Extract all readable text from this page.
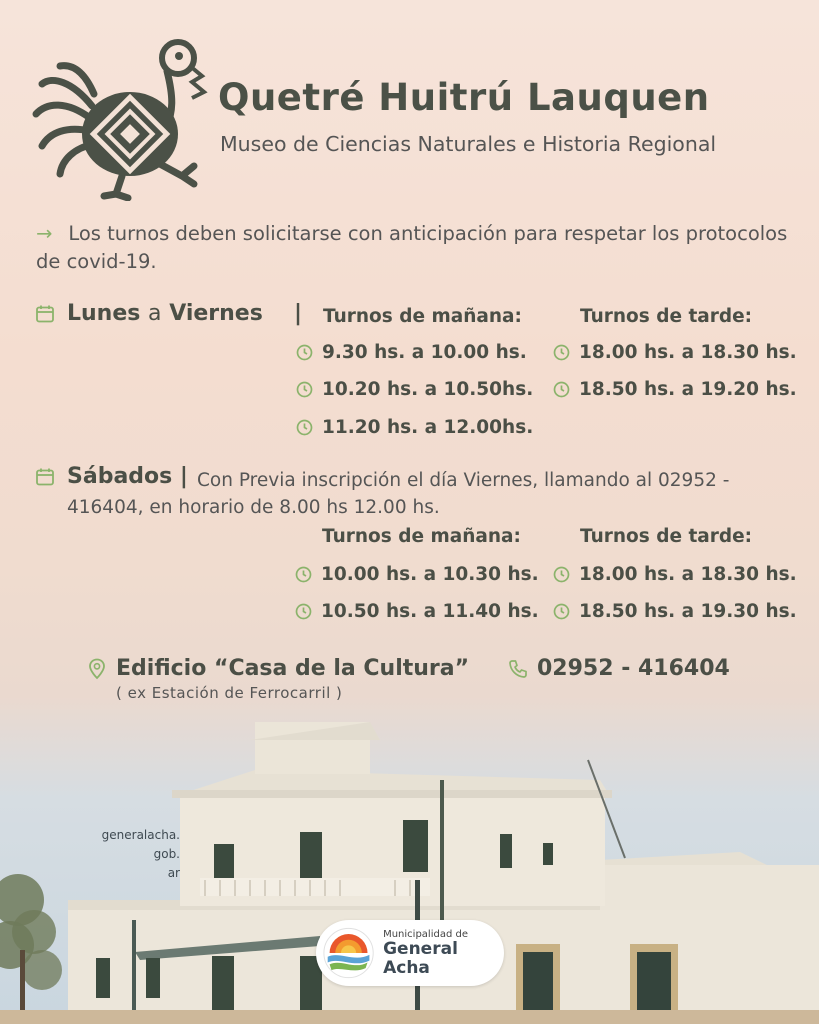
Quetré Huitrú Lauquen
Museo de Ciencias Naturales e Historia Regional
→ Los turnos deben solicitarse con anticipación para respetar los protocolos de covid-19.
Lunes a Viernes | Turnos de mañana:	Turnos de tarde:
9.30 hs. a 10.00 hs.
10.20 hs. a 10.50hs.
11.20 hs. a 12.00hs.
18.00 hs. a 18.30 hs.
18.50 hs. a 19.20 hs.
Sábados | Con Previa inscripción el día Viernes, llamando al 02952 -
416404, en horario de 8.00 hs 12.00 hs.
Turnos de mañana:	Turnos de tarde:
10.00 hs. a 10.30 hs.
10.50 hs. a 11.40 hs.
18.00 hs. a 18.30 hs.
18.50 hs. a 19.30 hs.
Edificio “Casa de la Cultura”
( ex Estación de Ferrocarril )
02952 - 416404
generalacha.
gob.
ar
Municipalidad de
General Acha
